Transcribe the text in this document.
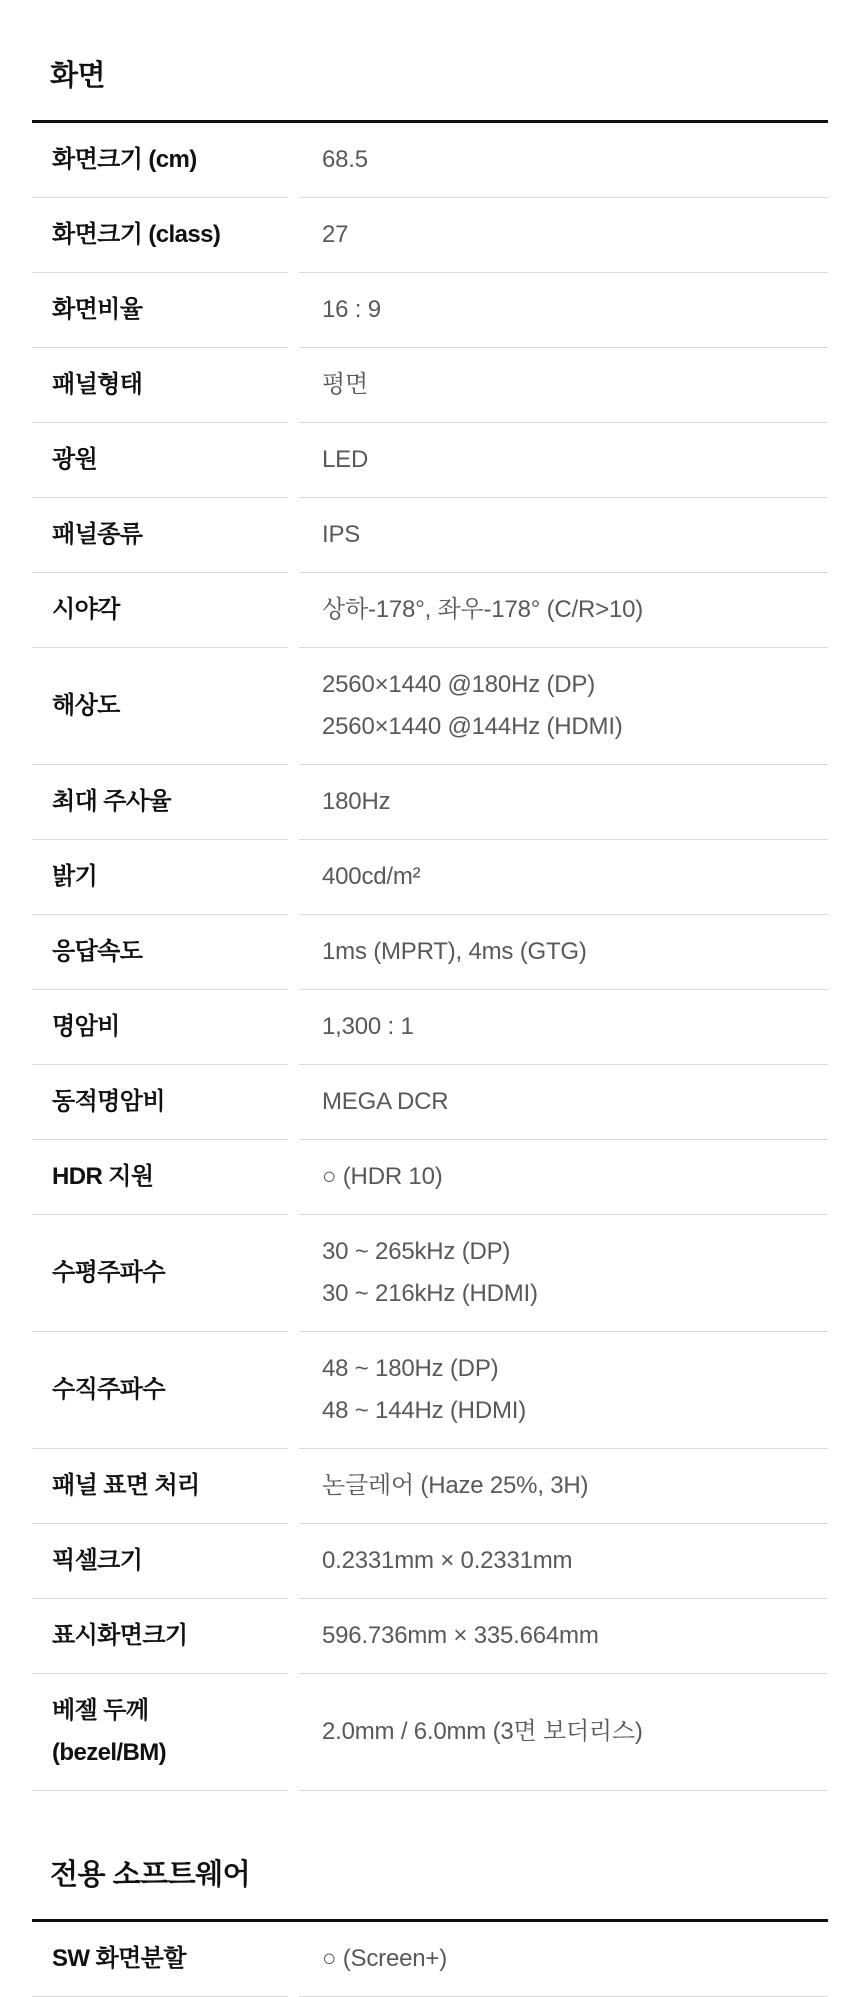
화면
화면크기 (cm)		68.5

화면크기 (class)		27

화면비율		16 : 9

패널형태		평면

광원		LED

패널종류		IPS

시야각		상하-178°, 좌우-178° (C/R>10)

해상도		2560×1440 @180Hz (DP)
2560×1440 @144Hz (HDMI)

최대 주사율		180Hz

밝기		400cd/m²

응답속도		1ms (MPRT), 4ms (GTG)

명암비		1,300 : 1

동적명암비		MEGA DCR

HDR 지원		○ (HDR 10)

수평주파수		30 ~ 265kHz (DP)
30 ~ 216kHz (HDMI)

수직주파수		48 ~ 180Hz (DP)
48 ~ 144Hz (HDMI)

패널 표면 처리		논글레어 (Haze 25%, 3H)

픽셀크기		0.2331mm × 0.2331mm

표시화면크기		596.736mm × 335.664mm

베젤 두께
(bezel/BM)		2.0mm / 6.0mm (3면 보더리스)
전용 소프트웨어
SW 화면분할		○ (Screen+)
